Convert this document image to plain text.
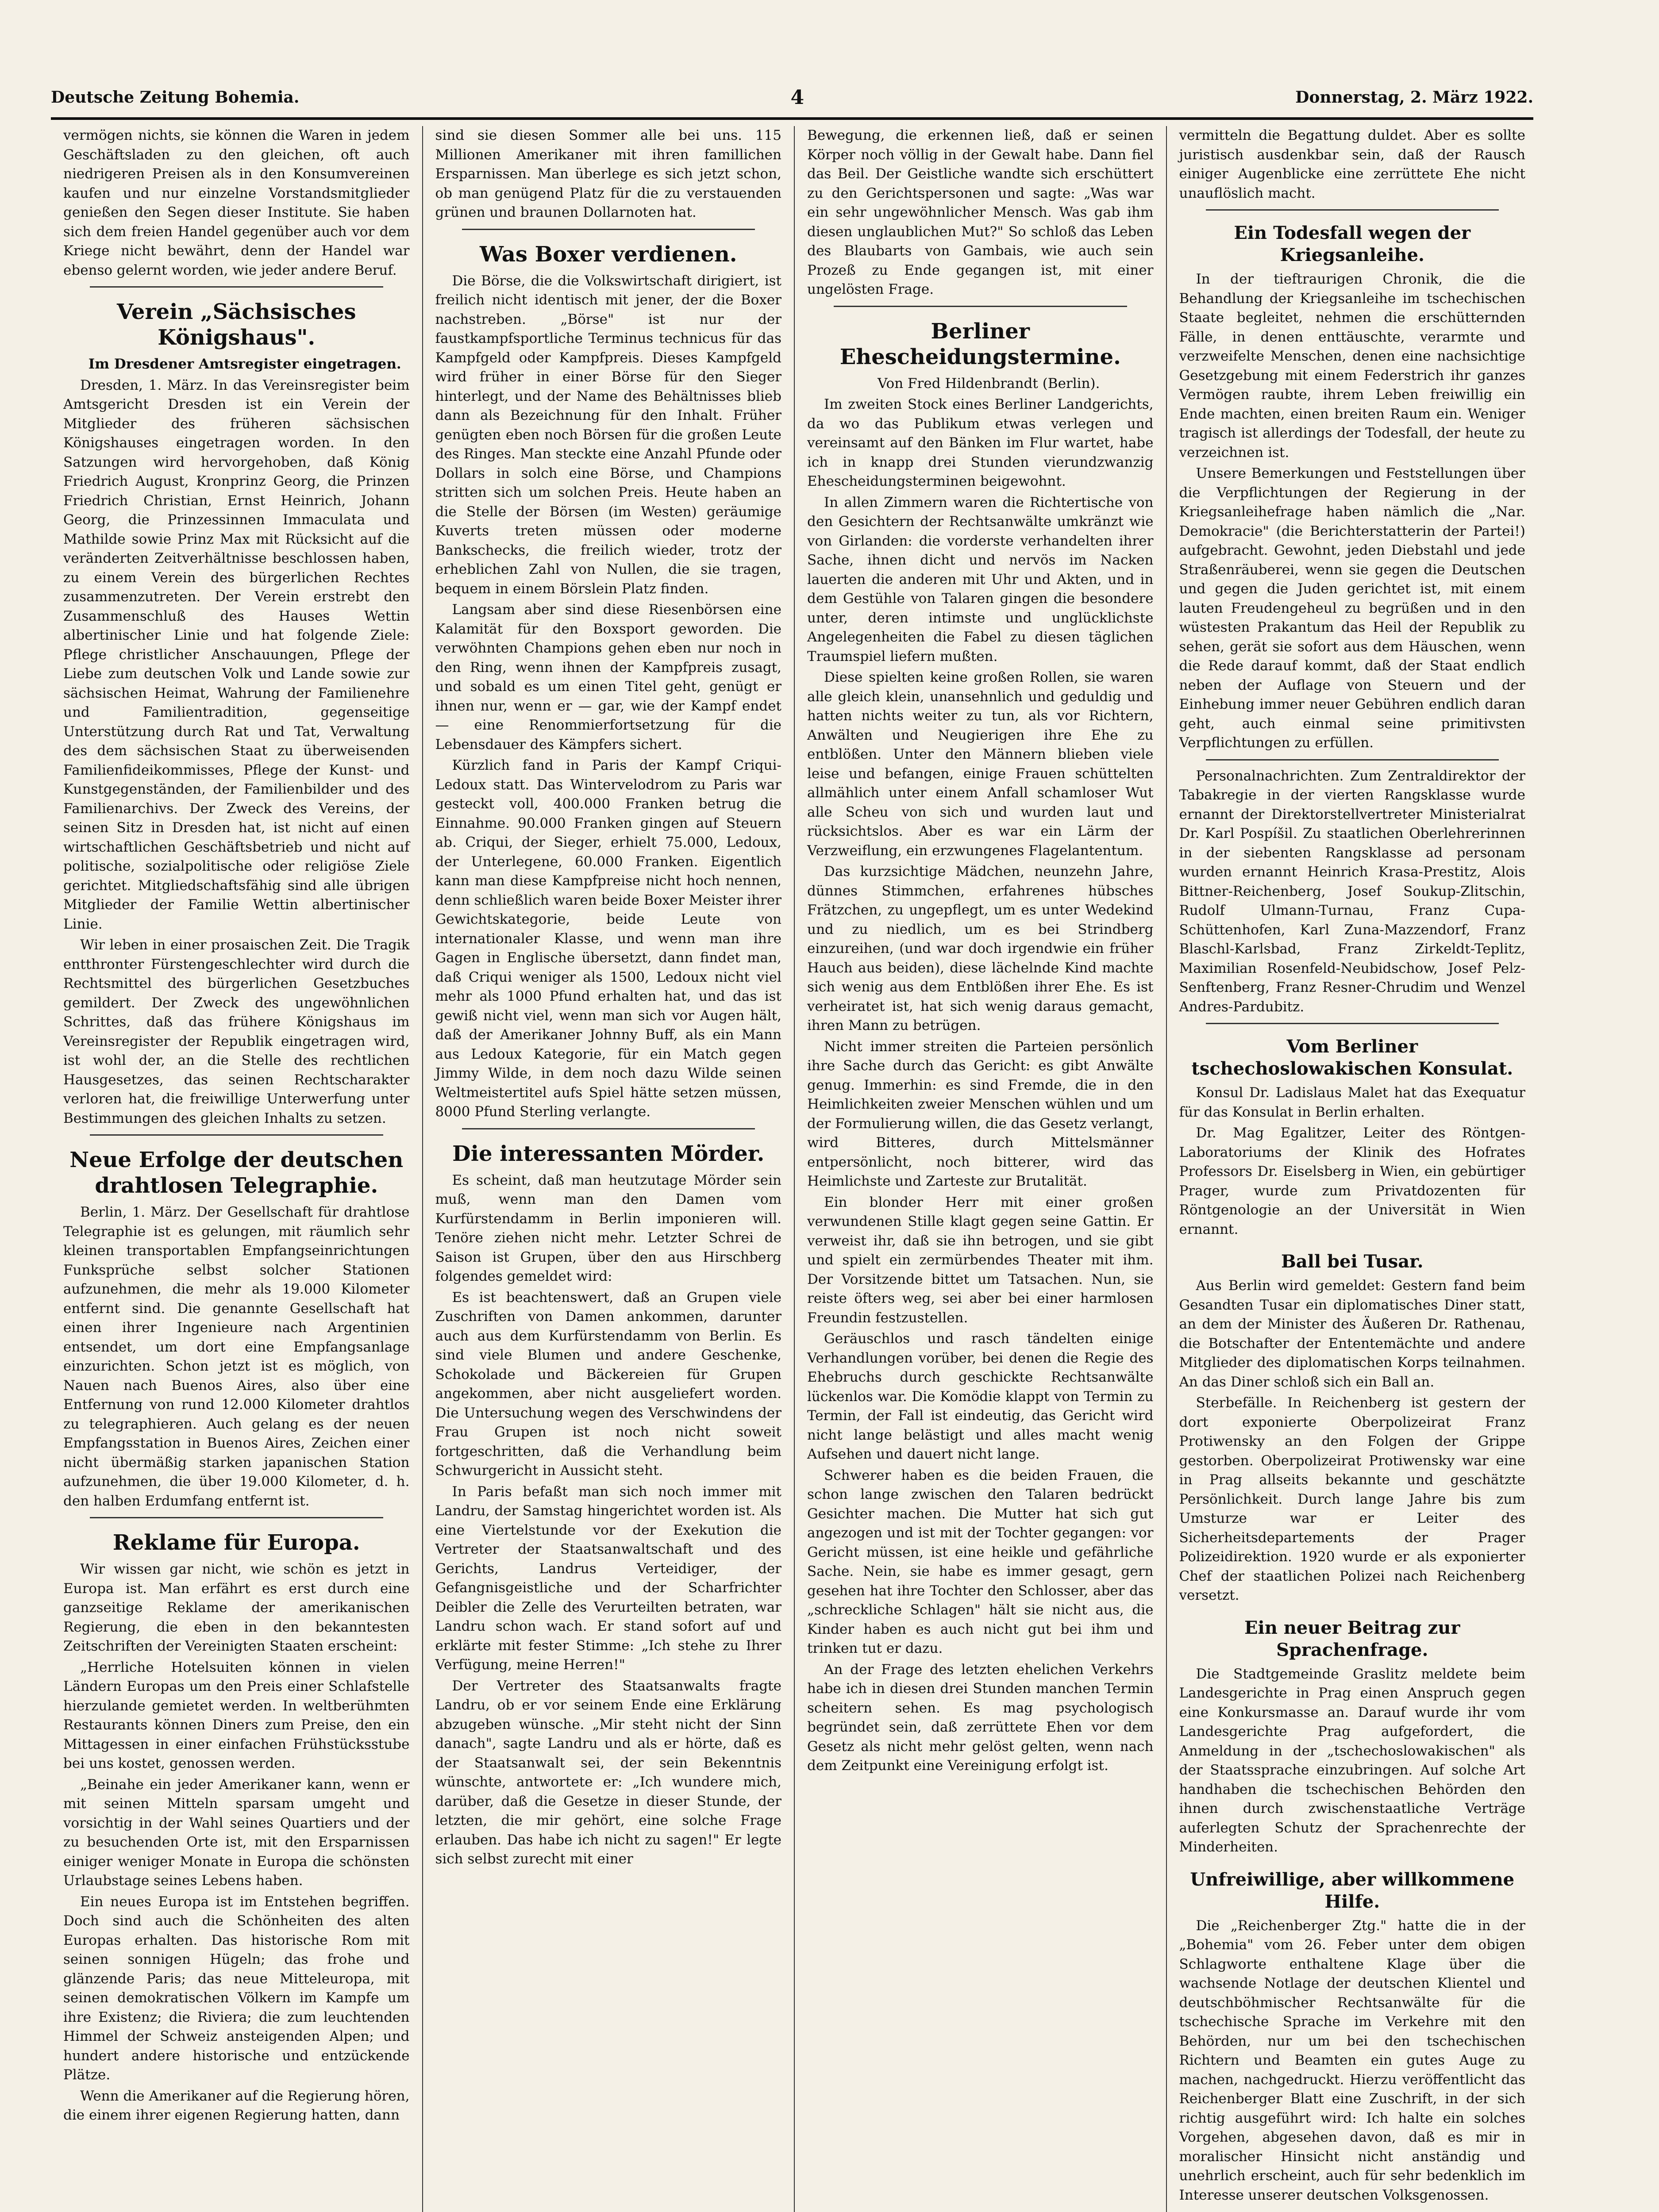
Deutsche Zeitung Bohemia.	4	Donnerstag, 2. März 1922.

vermögen nichts, sie können die Waren in jedem Geschäftsladen zu den gleichen, oft auch niedrigeren Preisen als in den Konsumvereinen kaufen und nur einzelne Vorstandsmitglieder genießen den Segen dieser Institute. Sie haben sich dem freien Handel gegenüber auch vor dem Kriege nicht bewährt, denn der Handel war ebenso gelernt worden, wie jeder andere Beruf.

Verein „Sächsisches Königshaus".

Im Dresdener Amtsregister eingetragen.

Dresden, 1. März. In das Vereinsregister beim Amtsgericht Dresden ist ein Verein der Mitglieder des früheren sächsischen Königshauses eingetragen worden. In den Satzungen wird hervorgehoben, daß König Friedrich August, Kronprinz Georg, die Prinzen Friedrich Christian, Ernst Heinrich, Johann Georg, die Prinzessinnen Immaculata und Mathilde sowie Prinz Max mit Rücksicht auf die veränderten Zeitverhältnisse beschlossen haben, zu einem Verein des bürgerlichen Rechtes zusammenzutreten. Der Verein erstrebt den Zusammenschluß des Hauses Wettin albertinischer Linie und hat folgende Ziele: Pflege christlicher Anschauungen, Pflege der Liebe zum deutschen Volk und Lande sowie zur sächsischen Heimat, Wahrung der Familienehre und Familientradition, gegenseitige Unterstützung durch Rat und Tat, Verwaltung des dem sächsischen Staat zu überweisenden Familienfideikommisses, Pflege der Kunst- und Kunstgegenständen, der Familienbilder und des Familienarchivs. Der Zweck des Vereins, der seinen Sitz in Dresden hat, ist nicht auf einen wirtschaftlichen Geschäftsbetrieb und nicht auf politische, sozialpolitische oder religiöse Ziele gerichtet. Mitgliedschaftsfähig sind alle übrigen Mitglieder der Familie Wettin albertinischer Linie.

Wir leben in einer prosaischen Zeit. Die Tragik entthronter Fürstengeschlechter wird durch die Rechtsmittel des bürgerlichen Gesetzbuches gemildert. Der Zweck des ungewöhnlichen Schrittes, daß das frühere Königshaus im Vereinsregister der Republik eingetragen wird, ist wohl der, an die Stelle des rechtlichen Hausgesetzes, das seinen Rechtscharakter verloren hat, die freiwillige Unterwerfung unter Bestimmungen des gleichen Inhalts zu setzen.

Neue Erfolge der deutschen drahtlosen Telegraphie.

Berlin, 1. März. Der Gesellschaft für drahtlose Telegraphie ist es gelungen, mit räumlich sehr kleinen transportablen Empfangseinrichtungen Funksprüche selbst solcher Stationen aufzunehmen, die mehr als 19.000 Kilometer entfernt sind. Die genannte Gesellschaft hat einen ihrer Ingenieure nach Argentinien entsendet, um dort eine Empfangsanlage einzurichten. Schon jetzt ist es möglich, von Nauen nach Buenos Aires, also über eine Entfernung von rund 12.000 Kilometer drahtlos zu telegraphieren. Auch gelang es der neuen Empfangsstation in Buenos Aires, Zeichen einer nicht übermäßig starken japanischen Station aufzunehmen, die über 19.000 Kilometer, d. h. den halben Erdumfang entfernt ist.

Reklame für Europa.

Wir wissen gar nicht, wie schön es jetzt in Europa ist. Man erfährt es erst durch eine ganzseitige Reklame der amerikanischen Regierung, die eben in den bekanntesten Zeitschriften der Vereinigten Staaten erscheint:

„Herrliche Hotelsuiten können in vielen Ländern Europas um den Preis einer Schlafstelle hierzulande gemietet werden. In weltberühmten Restaurants können Diners zum Preise, den ein Mittagessen in einer einfachen Frühstücksstube bei uns kostet, genossen werden.

„Beinahe ein jeder Amerikaner kann, wenn er mit seinen Mitteln sparsam umgeht und vorsichtig in der Wahl seines Quartiers und der zu besuchenden Orte ist, mit den Ersparnissen einiger weniger Monate in Europa die schönsten Urlaubstage seines Lebens haben.

Ein neues Europa ist im Entstehen begriffen. Doch sind auch die Schönheiten des alten Europas erhalten. Das historische Rom mit seinen sonnigen Hügeln; das frohe und glänzende Paris; das neue Mitteleuropa, mit seinen demokratischen Völkern im Kampfe um ihre Existenz; die Riviera; die zum leuchtenden Himmel der Schweiz ansteigenden Alpen; und hundert andere historische und entzückende Plätze.

Wenn die Amerikaner auf die Regierung hören, die einem ihrer eigenen Regierung hatten, dann

sind sie diesen Sommer alle bei uns. 115 Millionen Amerikaner mit ihren famillichen Ersparnissen. Man überlege es sich jetzt schon, ob man genügend Platz für die zu verstauenden grünen und braunen Dollarnoten hat.

Was Boxer verdienen.

Die Börse, die die Volkswirtschaft dirigiert, ist freilich nicht identisch mit jener, der die Boxer nachstreben. „Börse" ist nur der faustkampfsportliche Terminus technicus für das Kampfgeld oder Kampfpreis. Dieses Kampfgeld wird früher in einer Börse für den Sieger hinterlegt, und der Name des Behältnisses blieb dann als Bezeichnung für den Inhalt. Früher genügten eben noch Börsen für die großen Leute des Ringes. Man steckte eine Anzahl Pfunde oder Dollars in solch eine Börse, und Champions stritten sich um solchen Preis. Heute haben an die Stelle der Börsen (im Westen) geräumige Kuverts treten müssen oder moderne Bankschecks, die freilich wieder, trotz der erheblichen Zahl von Nullen, die sie tragen, bequem in einem Börslein Platz finden.

Langsam aber sind diese Riesenbörsen eine Kalamität für den Boxsport geworden. Die verwöhnten Champions gehen eben nur noch in den Ring, wenn ihnen der Kampfpreis zusagt, und sobald es um einen Titel geht, genügt er ihnen nur, wenn er — gar, wie der Kampf endet — eine Renommierfortsetzung für die Lebensdauer des Kämpfers sichert.

Kürzlich fand in Paris der Kampf Criqui-Ledoux statt. Das Wintervelodrom zu Paris war gesteckt voll, 400.000 Franken betrug die Einnahme. 90.000 Franken gingen auf Steuern ab. Criqui, der Sieger, erhielt 75.000, Ledoux, der Unterlegene, 60.000 Franken. Eigentlich kann man diese Kampfpreise nicht hoch nennen, denn schließlich waren beide Boxer Meister ihrer Gewichtskategorie, beide Leute von internationaler Klasse, und wenn man ihre Gagen in Englische übersetzt, dann findet man, daß Criqui weniger als 1500, Ledoux nicht viel mehr als 1000 Pfund erhalten hat, und das ist gewiß nicht viel, wenn man sich vor Augen hält, daß der Amerikaner Johnny Buff, als ein Mann aus Ledoux Kategorie, für ein Match gegen Jimmy Wilde, in dem noch dazu Wilde seinen Weltmeistertitel aufs Spiel hätte setzen müssen, 8000 Pfund Sterling verlangte.

Die interessanten Mörder.

Es scheint, daß man heutzutage Mörder sein muß, wenn man den Damen vom Kurfürstendamm in Berlin imponieren will. Tenöre ziehen nicht mehr. Letzter Schrei de Saison ist Grupen, über den aus Hirschberg folgendes gemeldet wird:

Es ist beachtenswert, daß an Grupen viele Zuschriften von Damen ankommen, darunter auch aus dem Kurfürstendamm von Berlin. Es sind viele Blumen und andere Geschenke, Schokolade und Bäckereien für Grupen angekommen, aber nicht ausgeliefert worden. Die Untersuchung wegen des Verschwindens der Frau Grupen ist noch nicht soweit fortgeschritten, daß die Verhandlung beim Schwurgericht in Aussicht steht.

In Paris befaßt man sich noch immer mit Landru, der Samstag hingerichtet worden ist. Als eine Viertelstunde vor der Exekution die Vertreter der Staatsanwaltschaft und des Gerichts, Landrus Verteidiger, der Gefangnisgeistliche und der Scharfrichter Deibler die Zelle des Verurteilten betraten, war Landru schon wach. Er stand sofort auf und erklärte mit fester Stimme: „Ich stehe zu Ihrer Verfügung, meine Herren!"

Der Vertreter des Staatsanwalts fragte Landru, ob er vor seinem Ende eine Erklärung abzugeben wünsche. „Mir steht nicht der Sinn danach", sagte Landru und als er hörte, daß es der Staatsanwalt sei, der sein Bekenntnis wünschte, antwortete er: „Ich wundere mich, darüber, daß die Gesetze in dieser Stunde, der letzten, die mir gehört, eine solche Frage erlauben. Das habe ich nicht zu sagen!" Er legte sich selbst zurecht mit einer

Bewegung, die erkennen ließ, daß er seinen Körper noch völlig in der Gewalt habe. Dann fiel das Beil. Der Geistliche wandte sich erschüttert zu den Gerichtspersonen und sagte: „Was war ein sehr ungewöhnlicher Mensch. Was gab ihm diesen unglaublichen Mut?" So schloß das Leben des Blaubarts von Gambais, wie auch sein Prozeß zu Ende gegangen ist, mit einer ungelösten Frage.

Berliner Ehescheidungstermine.

Von Fred Hildenbrandt (Berlin).

Im zweiten Stock eines Berliner Landgerichts, da wo das Publikum etwas verlegen und vereinsamt auf den Bänken im Flur wartet, habe ich in knapp drei Stunden vierundzwanzig Ehescheidungsterminen beigewohnt.

In allen Zimmern waren die Richtertische von den Gesichtern der Rechtsanwälte umkränzt wie von Girlanden: die vorderste verhandelten ihrer Sache, ihnen dicht und nervös im Nacken lauerten die anderen mit Uhr und Akten, und in dem Gestühle von Talaren gingen die besondere unter, deren intimste und unglücklichste Angelegenheiten die Fabel zu diesen täglichen Traumspiel liefern mußten.

Diese spielten keine großen Rollen, sie waren alle gleich klein, unansehnlich und geduldig und hatten nichts weiter zu tun, als vor Richtern, Anwälten und Neugierigen ihre Ehe zu entblößen. Unter den Männern blieben viele leise und befangen, einige Frauen schüttelten allmählich unter einem Anfall schamloser Wut alle Scheu von sich und wurden laut und rücksichtslos. Aber es war ein Lärm der Verzweiflung, ein erzwungenes Flagelantentum.

Das kurzsichtige Mädchen, neunzehn Jahre, dünnes Stimmchen, erfahrenes hübsches Frätzchen, zu ungepflegt, um es unter Wedekind und zu niedlich, um es bei Strindberg einzureihen, (und war doch irgendwie ein früher Hauch aus beiden), diese lächelnde Kind machte sich wenig aus dem Entblößen ihrer Ehe. Es ist verheiratet ist, hat sich wenig daraus gemacht, ihren Mann zu betrügen.

Nicht immer streiten die Parteien persönlich ihre Sache durch das Gericht: es gibt Anwälte genug. Immerhin: es sind Fremde, die in den Heimlichkeiten zweier Menschen wühlen und um der Formulierung willen, die das Gesetz verlangt, wird Bitteres, durch Mittelsmänner entpersönlicht, noch bitterer, wird das Heimlichste und Zarteste zur Brutalität.

Ein blonder Herr mit einer großen verwundenen Stille klagt gegen seine Gattin. Er verweist ihr, daß sie ihn betrogen, und sie gibt und spielt ein zermürbendes Theater mit ihm. Der Vorsitzende bittet um Tatsachen. Nun, sie reiste öfters weg, sei aber bei einer harmlosen Freundin festzustellen.

Geräuschlos und rasch tändelten einige Verhandlungen vorüber, bei denen die Regie des Ehebruchs durch geschickte Rechtsanwälte lückenlos war. Die Komödie klappt von Termin zu Termin, der Fall ist eindeutig, das Gericht wird nicht lange belästigt und alles macht wenig Aufsehen und dauert nicht lange.

Schwerer haben es die beiden Frauen, die schon lange zwischen den Talaren bedrückt Gesichter machen. Die Mutter hat sich gut angezogen und ist mit der Tochter gegangen: vor Gericht müssen, ist eine heikle und gefährliche Sache. Nein, sie habe es immer gesagt, gern gesehen hat ihre Tochter den Schlosser, aber das „schreckliche Schlagen" hält sie nicht aus, die Kinder haben es auch nicht gut bei ihm und trinken tut er dazu.

An der Frage des letzten ehelichen Verkehrs habe ich in diesen drei Stunden manchen Termin scheitern sehen. Es mag psychologisch begründet sein, daß zerrüttete Ehen vor dem Gesetz als nicht mehr gelöst gelten, wenn nach dem Zeitpunkt eine Vereinigung erfolgt ist.

vermitteln die Begattung duldet. Aber es sollte juristisch ausdenkbar sein, daß der Rausch einiger Augenblicke eine zerrüttete Ehe nicht unauflöslich macht.

Ein Todesfall wegen der Kriegsanleihe.

In der tieftraurigen Chronik, die die Behandlung der Kriegsanleihe im tschechischen Staate begleitet, nehmen die erschütternden Fälle, in denen enttäuschte, verarmte und verzweifelte Menschen, denen eine nachsichtige Gesetzgebung mit einem Federstrich ihr ganzes Vermögen raubte, ihrem Leben freiwillig ein Ende machten, einen breiten Raum ein. Weniger tragisch ist allerdings der Todesfall, der heute zu verzeichnen ist.

Unsere Bemerkungen und Feststellungen über die Verpflichtungen der Regierung in der Kriegsanleihefrage haben nämlich die „Nar. Demokracie" (die Berichterstatterin der Partei!) aufgebracht. Gewohnt, jeden Diebstahl und jede Straßenräuberei, wenn sie gegen die Deutschen und gegen die Juden gerichtet ist, mit einem lauten Freudengeheul zu begrüßen und in den wüstesten Prakantum das Heil der Republik zu sehen, gerät sie sofort aus dem Häuschen, wenn die Rede darauf kommt, daß der Staat endlich neben der Auflage von Steuern und der Einhebung immer neuer Gebühren endlich daran geht, auch einmal seine primitivsten Verpflichtungen zu erfüllen.

Personalnachrichten. Zum Zentraldirektor der Tabakregie in der vierten Rangsklasse wurde ernannt der Direktorstellvertreter Ministerialrat Dr. Karl Pospíšil. Zu staatlichen Oberlehrerinnen in der siebenten Rangsklasse ad personam wurden ernannt Heinrich Krasa-Prestitz, Alois Bittner-Reichenberg, Josef Soukup-Zlitschin, Rudolf Ulmann-Turnau, Franz Cupa-Schüttenhofen, Karl Zuna-Mazzendorf, Franz Blaschl-Karlsbad, Franz Zirkeldt-Teplitz, Maximilian Rosenfeld-Neubidschow, Josef Pelz-Senftenberg, Franz Resner-Chrudim und Wenzel Andres-Pardubitz.

Vom Berliner tschechoslowakischen Konsulat.

Konsul Dr. Ladislaus Malet hat das Exequatur für das Konsulat in Berlin erhalten.

Dr. Mag Egalitzer, Leiter des Röntgen-Laboratoriums der Klinik des Hofrates Professors Dr. Eiselsberg in Wien, ein gebürtiger Prager, wurde zum Privatdozenten für Röntgenologie an der Universität in Wien ernannt.

Ball bei Tusar.

Aus Berlin wird gemeldet: Gestern fand beim Gesandten Tusar ein diplomatisches Diner statt, an dem der Minister des Äußeren Dr. Rathenau, die Botschafter der Ententemächte und andere Mitglieder des diplomatischen Korps teilnahmen. An das Diner schloß sich ein Ball an.

Sterbefälle. In Reichenberg ist gestern der dort exponierte Oberpolizeirat Franz Protiwensky an den Folgen der Grippe gestorben. Oberpolizeirat Protiwensky war eine in Prag allseits bekannte und geschätzte Persönlichkeit. Durch lange Jahre bis zum Umsturze war er Leiter des Sicherheitsdepartements der Prager Polizeidirektion. 1920 wurde er als exponierter Chef der staatlichen Polizei nach Reichenberg versetzt.

Ein neuer Beitrag zur Sprachenfrage.

Die Stadtgemeinde Graslitz meldete beim Landesgerichte in Prag einen Anspruch gegen eine Konkursmasse an. Darauf wurde ihr vom Landesgerichte Prag aufgefordert, die Anmeldung in der „tschechoslowakischen" als der Staatssprache einzubringen. Auf solche Art handhaben die tschechischen Behörden den ihnen durch zwischenstaatliche Verträge auferlegten Schutz der Sprachenrechte der Minderheiten.

Unfreiwillige, aber willkommene Hilfe.

Die „Reichenberger Ztg." hatte die in der „Bohemia" vom 26. Feber unter dem obigen Schlagworte enthaltene Klage über die wachsende Notlage der deutschen Klientel und deutschböhmischer Rechtsanwälte für die tschechische Sprache im Verkehre mit den Behörden, nur um bei den tschechischen Richtern und Beamten ein gutes Auge zu machen, nachgedruckt. Hierzu veröffentlicht das Reichenberger Blatt eine Zuschrift, in der sich richtig ausgeführt wird: Ich halte ein solches Vorgehen, abgesehen davon, daß es mir in moralischer Hinsicht nicht anständig und unehrlich erscheint, auch für sehr bedenklich im Interesse unserer deutschen Volksgenossen.
